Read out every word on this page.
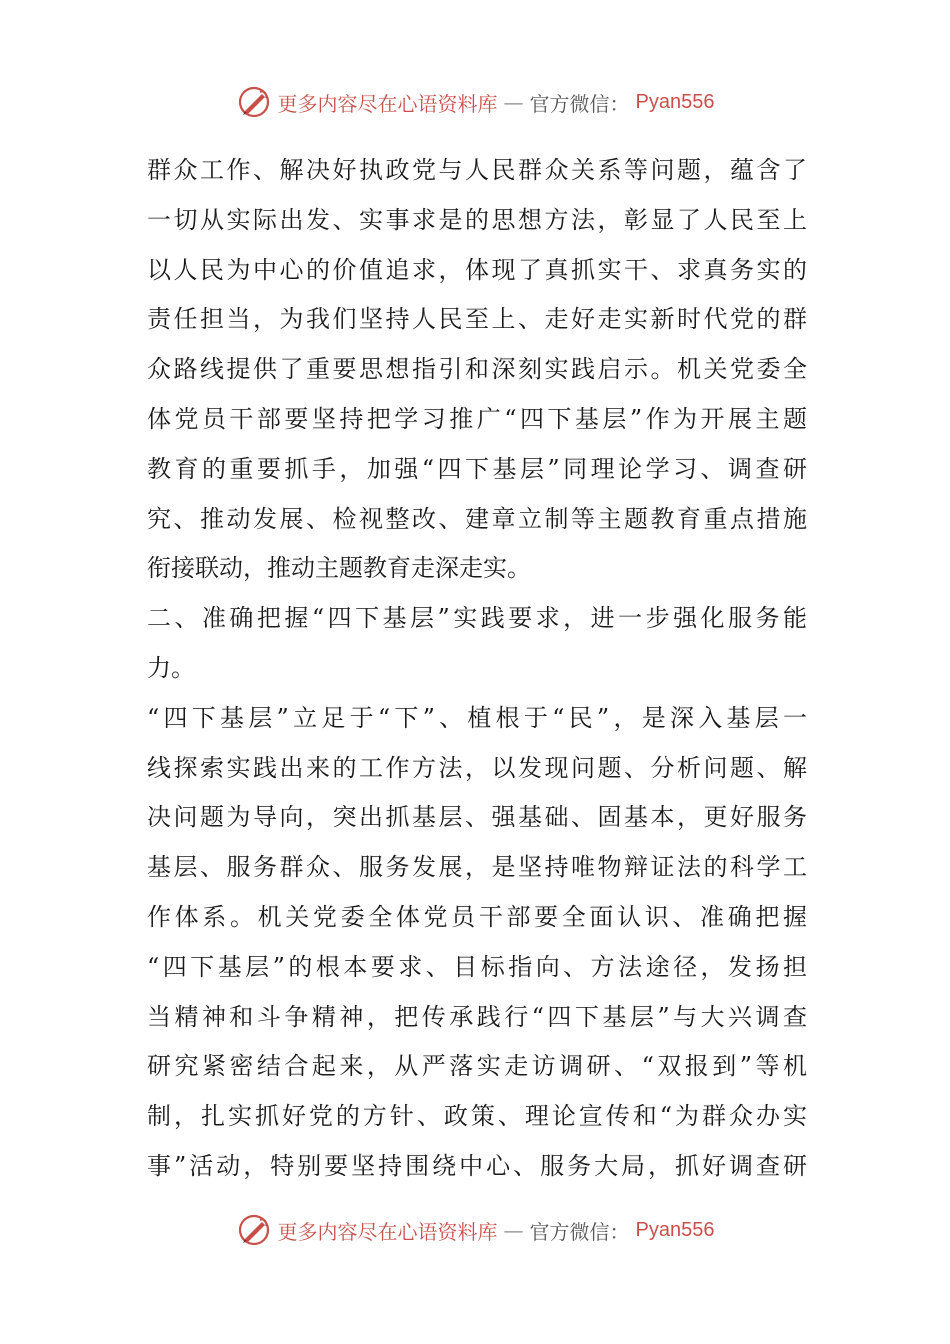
更多内容尽在心语资料库 — 官方微信： Pyan556
群众工作、解决好执政党与人民群众关系等问题，蕴含了
一切从实际出发、实事求是的思想方法，彰显了人民至上
以人民为中心的价值追求，体现了真抓实干、求真务实的
责任担当，为我们坚持人民至上、走好走实新时代党的群
众路线提供了重要思想指引和深刻实践启示。机关党委全
体党员干部要坚持把学习推广“四下基层”作为开展主题
教育的重要抓手，加强“四下基层”同理论学习、调查研
究、推动发展、检视整改、建章立制等主题教育重点措施
衔接联动，推动主题教育走深走实。
二、准确把握“四下基层”实践要求，进一步强化服务能
力。
“四下基层”立足于“下”、植根于“民”，是深入基层一
线探索实践出来的工作方法，以发现问题、分析问题、解
决问题为导向，突出抓基层、强基础、固基本，更好服务
基层、服务群众、服务发展，是坚持唯物辩证法的科学工
作体系。机关党委全体党员干部要全面认识、准确把握
“四下基层”的根本要求、目标指向、方法途径，发扬担
当精神和斗争精神，把传承践行“四下基层”与大兴调查
研究紧密结合起来，从严落实走访调研、“双报到”等机
制，扎实抓好党的方针、政策、理论宣传和“为群众办实
事”活动，特别要坚持围绕中心、服务大局，抓好调查研
更多内容尽在心语资料库 — 官方微信： Pyan556
